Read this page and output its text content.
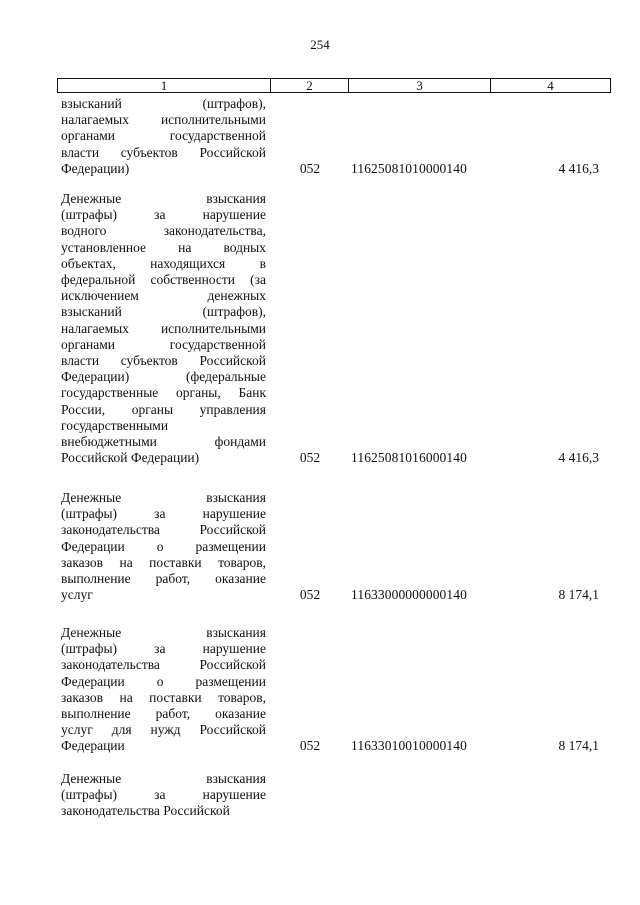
254
1	2	3	4
взысканий (штрафов),
налагаемых исполнительными
органами государственной
власти субъектов Российской
Федерации)	052	11625081010000140	4 416,3
Денежные взыскания
(штрафы) за нарушение
водного законодательства,
установленное на водных
объектах, находящихся в
федеральной собственности (за
исключением денежных
взысканий (штрафов),
налагаемых исполнительными
органами государственной
власти субъектов Российской
Федерации) (федеральные
государственные органы, Банк
России, органы управления
государственными
внебюджетными фондами
Российской Федерации)	052	11625081016000140	4 416,3
Денежные взыскания
(штрафы) за нарушение
законодательства Российской
Федерации о размещении
заказов на поставки товаров,
выполнение работ, оказание
услуг	052	11633000000000140	8 174,1
Денежные взыскания
(штрафы) за нарушение
законодательства Российской
Федерации о размещении
заказов на поставки товаров,
выполнение работ, оказание
услуг для нужд Российской
Федерации	052	11633010010000140	8 174,1
Денежные взыскания
(штрафы) за нарушение
законодательства Российской
